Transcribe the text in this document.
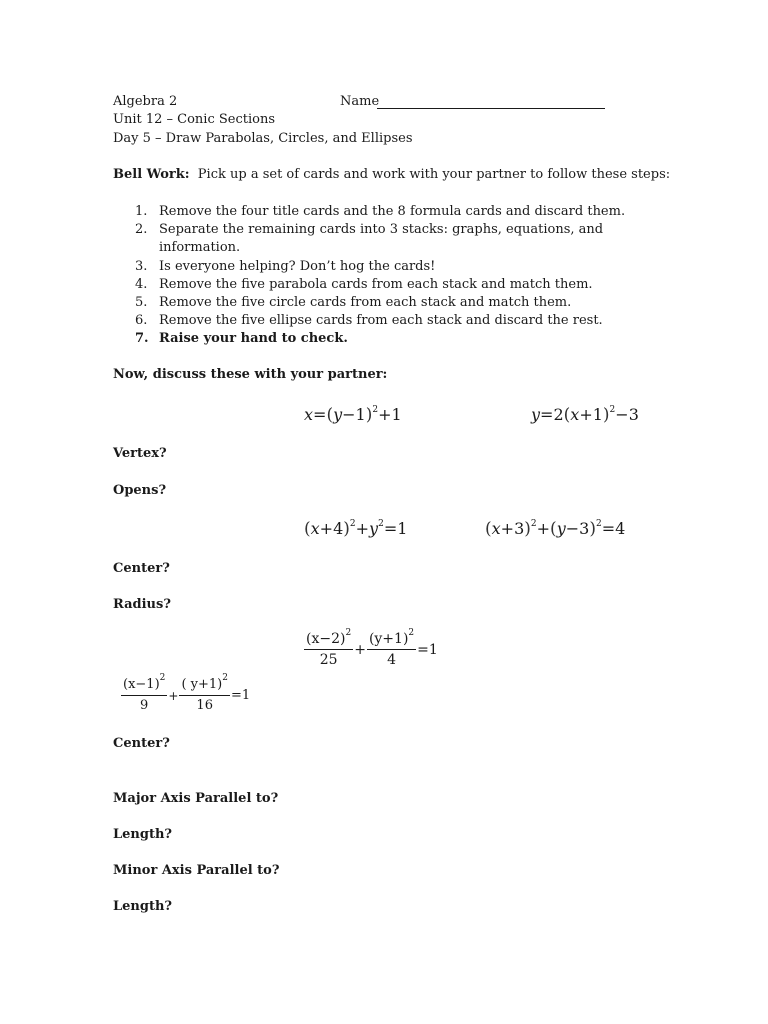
Algebra 2	Name
Unit 12 – Conic Sections
Day 5 – Draw Parabolas, Circles, and Ellipses
Bell Work: Pick up a set of cards and work with your partner to follow these steps:
1. Remove the four title cards and the 8 formula cards and discard them.
2. Separate the remaining cards into 3 stacks: graphs, equations, and
information.
3. Is everyone helping? Don’t hog the cards!
4. Remove the five parabola cards from each stack and match them.
5. Remove the five circle cards from each stack and match them.
6. Remove the five ellipse cards from each stack and discard the rest.
7. Raise your hand to check.
Now, discuss these with your partner:
$x=(y-1)^2+1$	$y=2(x+1)^2-3$
Vertex?
Opens?
$(x+4)^2+y^2=1$	$(x+3)^2+(y-3)^2=4$
Center?
Radius?
$\frac{(x-2)^2}{25} + \frac{(y+1)^2}{4} =1$
$\frac{(x-1)^2}{9} + \frac{( y+1)^2}{16} =1$
Center?
Major Axis Parallel to?
Length?
Minor Axis Parallel to?
Length?
